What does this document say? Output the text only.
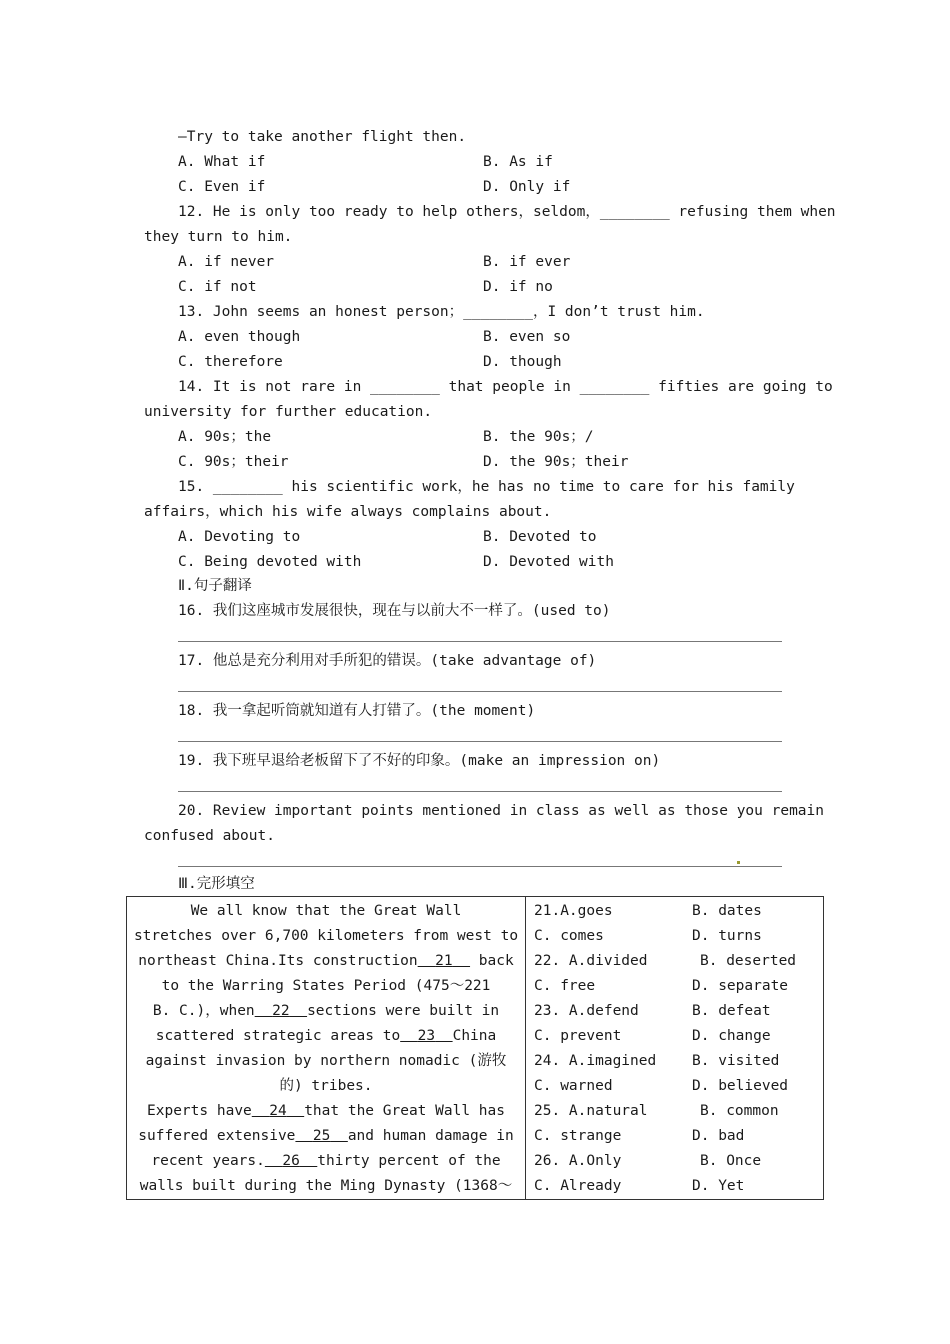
—Try to take another flight then.
A. What if	B. As if
C. Even if	D. Only if
12. He is only too ready to help others，seldom，________ refusing them when
they turn to him.
A. if never	B. if ever
C. if not	D. if no
13. John seems an honest person；________，I don’t trust him.
A. even though	B. even so
C. therefore	D. though
14. It is not rare in ________ that people in ________ fifties are going to
university for further education.
A. 90s；the	B. the 90s；/
C. 90s；their	D. the 90s；their
15. ________ his scientific work，he has no time to care for his family
affairs，which his wife always complains about.
A. Devoting to	B. Devoted to
C. Being devoted with	D. Devoted with
Ⅱ.句子翻译
16. 我们这座城市发展很快，现在与以前大不一样了。(used to)
17. 他总是充分利用对手所犯的错误。(take advantage of)
18. 我一拿起听筒就知道有人打错了。(the moment)
19. 我下班早退给老板留下了不好的印象。(make an impression on)
20. Review important points mentioned in class as well as those you remain
confused about.
Ⅲ.完形填空
We all know that the Great Wall
stretches over 6,700 kilometers from west to
northeast China.Its construction 21 back
to the Warring States Period (475～221
B. C.)，when 22 sections were built in
scattered strategic areas to 23 China
against invasion by northern nomadic (游牧
的) tribes.
Experts have 24 that the Great Wall has
suffered extensive 25 and human damage in
recent years. 26 thirty percent of the
walls built during the Ming Dynasty (1368～

21.A.goes	B. dates
C. comes	D. turns
22. A.divided	B. deserted
C. free	D. separate
23. A.defend	B. defeat
C. prevent	D. change
24. A.imagined B. visited
C. warned	D. believed
25. A.natural	B. common
C. strange	D. bad
26. A.Only	B. Once
C. Already	D. Yet
